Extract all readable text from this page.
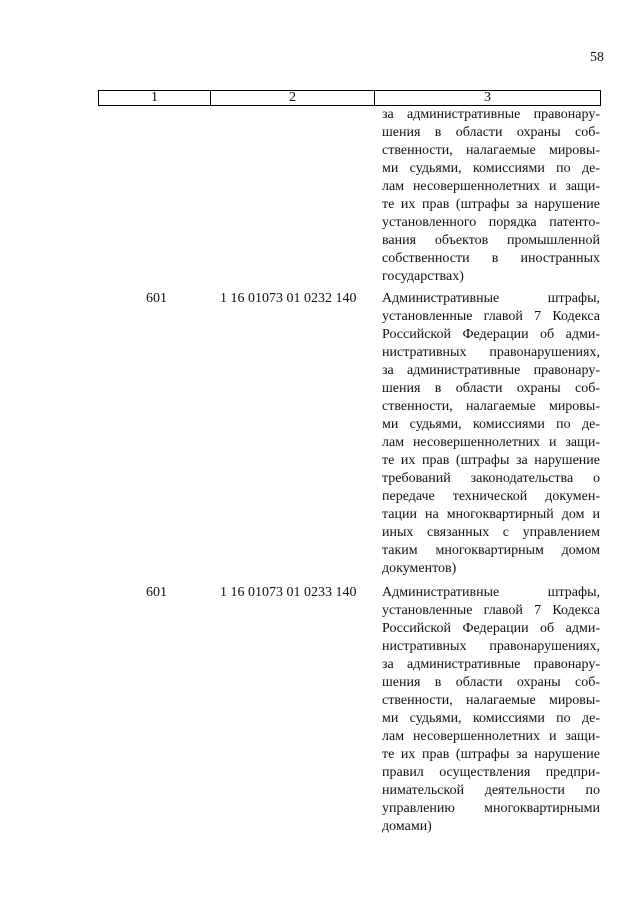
58
1	2	3
за административные правонару-
шения в области охраны соб-
ственности, налагаемые мировы-
ми судьями, комиссиями по де-
лам несовершеннолетних и защи-
те их прав (штрафы за нарушение
установленного порядка патенто-
вания объектов промышленной
собственности в иностранных
государствах)
601	1 16 01073 01 0232 140 Административные штрафы,
установленные главой 7 Кодекса
Российской Федерации об адми-
нистративных правонарушениях,
за административные правонару-
шения в области охраны соб-
ственности, налагаемые мировы-
ми судьями, комиссиями по де-
лам несовершеннолетних и защи-
те их прав (штрафы за нарушение
требований законодательства о
передаче технической докумен-
тации на многоквартирный дом и
иных связанных с управлением
таким многоквартирным домом
документов)
601	1 16 01073 01 0233 140 Административные штрафы,
установленные главой 7 Кодекса
Российской Федерации об адми-
нистративных правонарушениях,
за административные правонару-
шения в области охраны соб-
ственности, налагаемые мировы-
ми судьями, комиссиями по де-
лам несовершеннолетних и защи-
те их прав (штрафы за нарушение
правил осуществления предпри-
нимательской деятельности по
управлению многоквартирными
домами)
